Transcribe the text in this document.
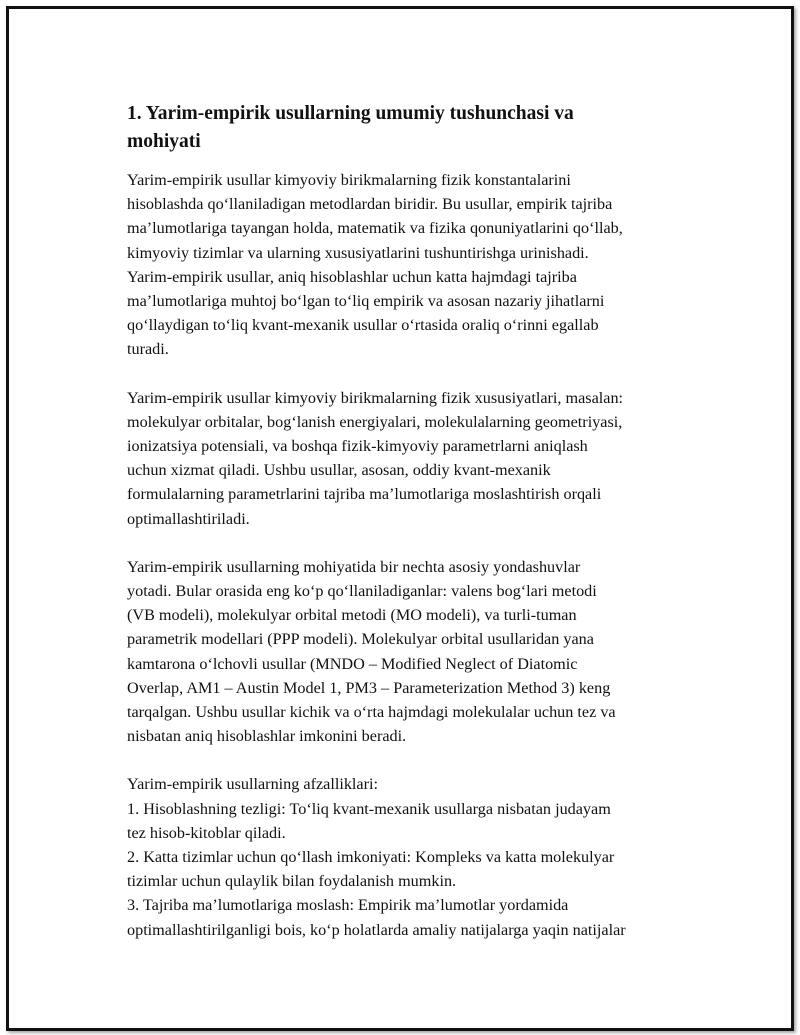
1. Yarim-empirik usullarning umumiy tushunchasi va
mohiyati

Yarim-empirik usullar kimyoviy birikmalarning fizik konstantalarini
hisoblashda qo‘llaniladigan metodlardan biridir. Bu usullar, empirik tajriba
ma’lumotlariga tayangan holda, matematik va fizika qonuniyatlarini qo‘llab,
kimyoviy tizimlar va ularning xususiyatlarini tushuntirishga urinishadi.
Yarim-empirik usullar, aniq hisoblashlar uchun katta hajmdagi tajriba
ma’lumotlariga muhtoj bo‘lgan to‘liq empirik va asosan nazariy jihatlarni
qo‘llaydigan to‘liq kvant-mexanik usullar o‘rtasida oraliq o‘rinni egallab
turadi.

Yarim-empirik usullar kimyoviy birikmalarning fizik xususiyatlari, masalan:
molekulyar orbitalar, bog‘lanish energiyalari, molekulalarning geometriyasi,
ionizatsiya potensiali, va boshqa fizik-kimyoviy parametrlarni aniqlash
uchun xizmat qiladi. Ushbu usullar, asosan, oddiy kvant-mexanik
formulalarning parametrlarini tajriba ma’lumotlariga moslashtirish orqali
optimallashtiriladi.

Yarim-empirik usullarning mohiyatida bir nechta asosiy yondashuvlar
yotadi. Bular orasida eng ko‘p qo‘llaniladiganlar: valens bog‘lari metodi
(VB modeli), molekulyar orbital metodi (MO modeli), va turli-tuman
parametrik modellari (PPP modeli). Molekulyar orbital usullaridan yana
kamtarona o‘lchovli usullar (MNDO – Modified Neglect of Diatomic
Overlap, AM1 – Austin Model 1, PM3 – Parameterization Method 3) keng
tarqalgan. Ushbu usullar kichik va o‘rta hajmdagi molekulalar uchun tez va
nisbatan aniq hisoblashlar imkonini beradi.

Yarim-empirik usullarning afzalliklari:
1. Hisoblashning tezligi: To‘liq kvant-mexanik usullarga nisbatan judayam
tez hisob-kitoblar qiladi.
2. Katta tizimlar uchun qo‘llash imkoniyati: Kompleks va katta molekulyar
tizimlar uchun qulaylik bilan foydalanish mumkin.
3. Tajriba ma’lumotlariga moslash: Empirik ma’lumotlar yordamida
optimallashtirilganligi bois, ko‘p holatlarda amaliy natijalarga yaqin natijalar
